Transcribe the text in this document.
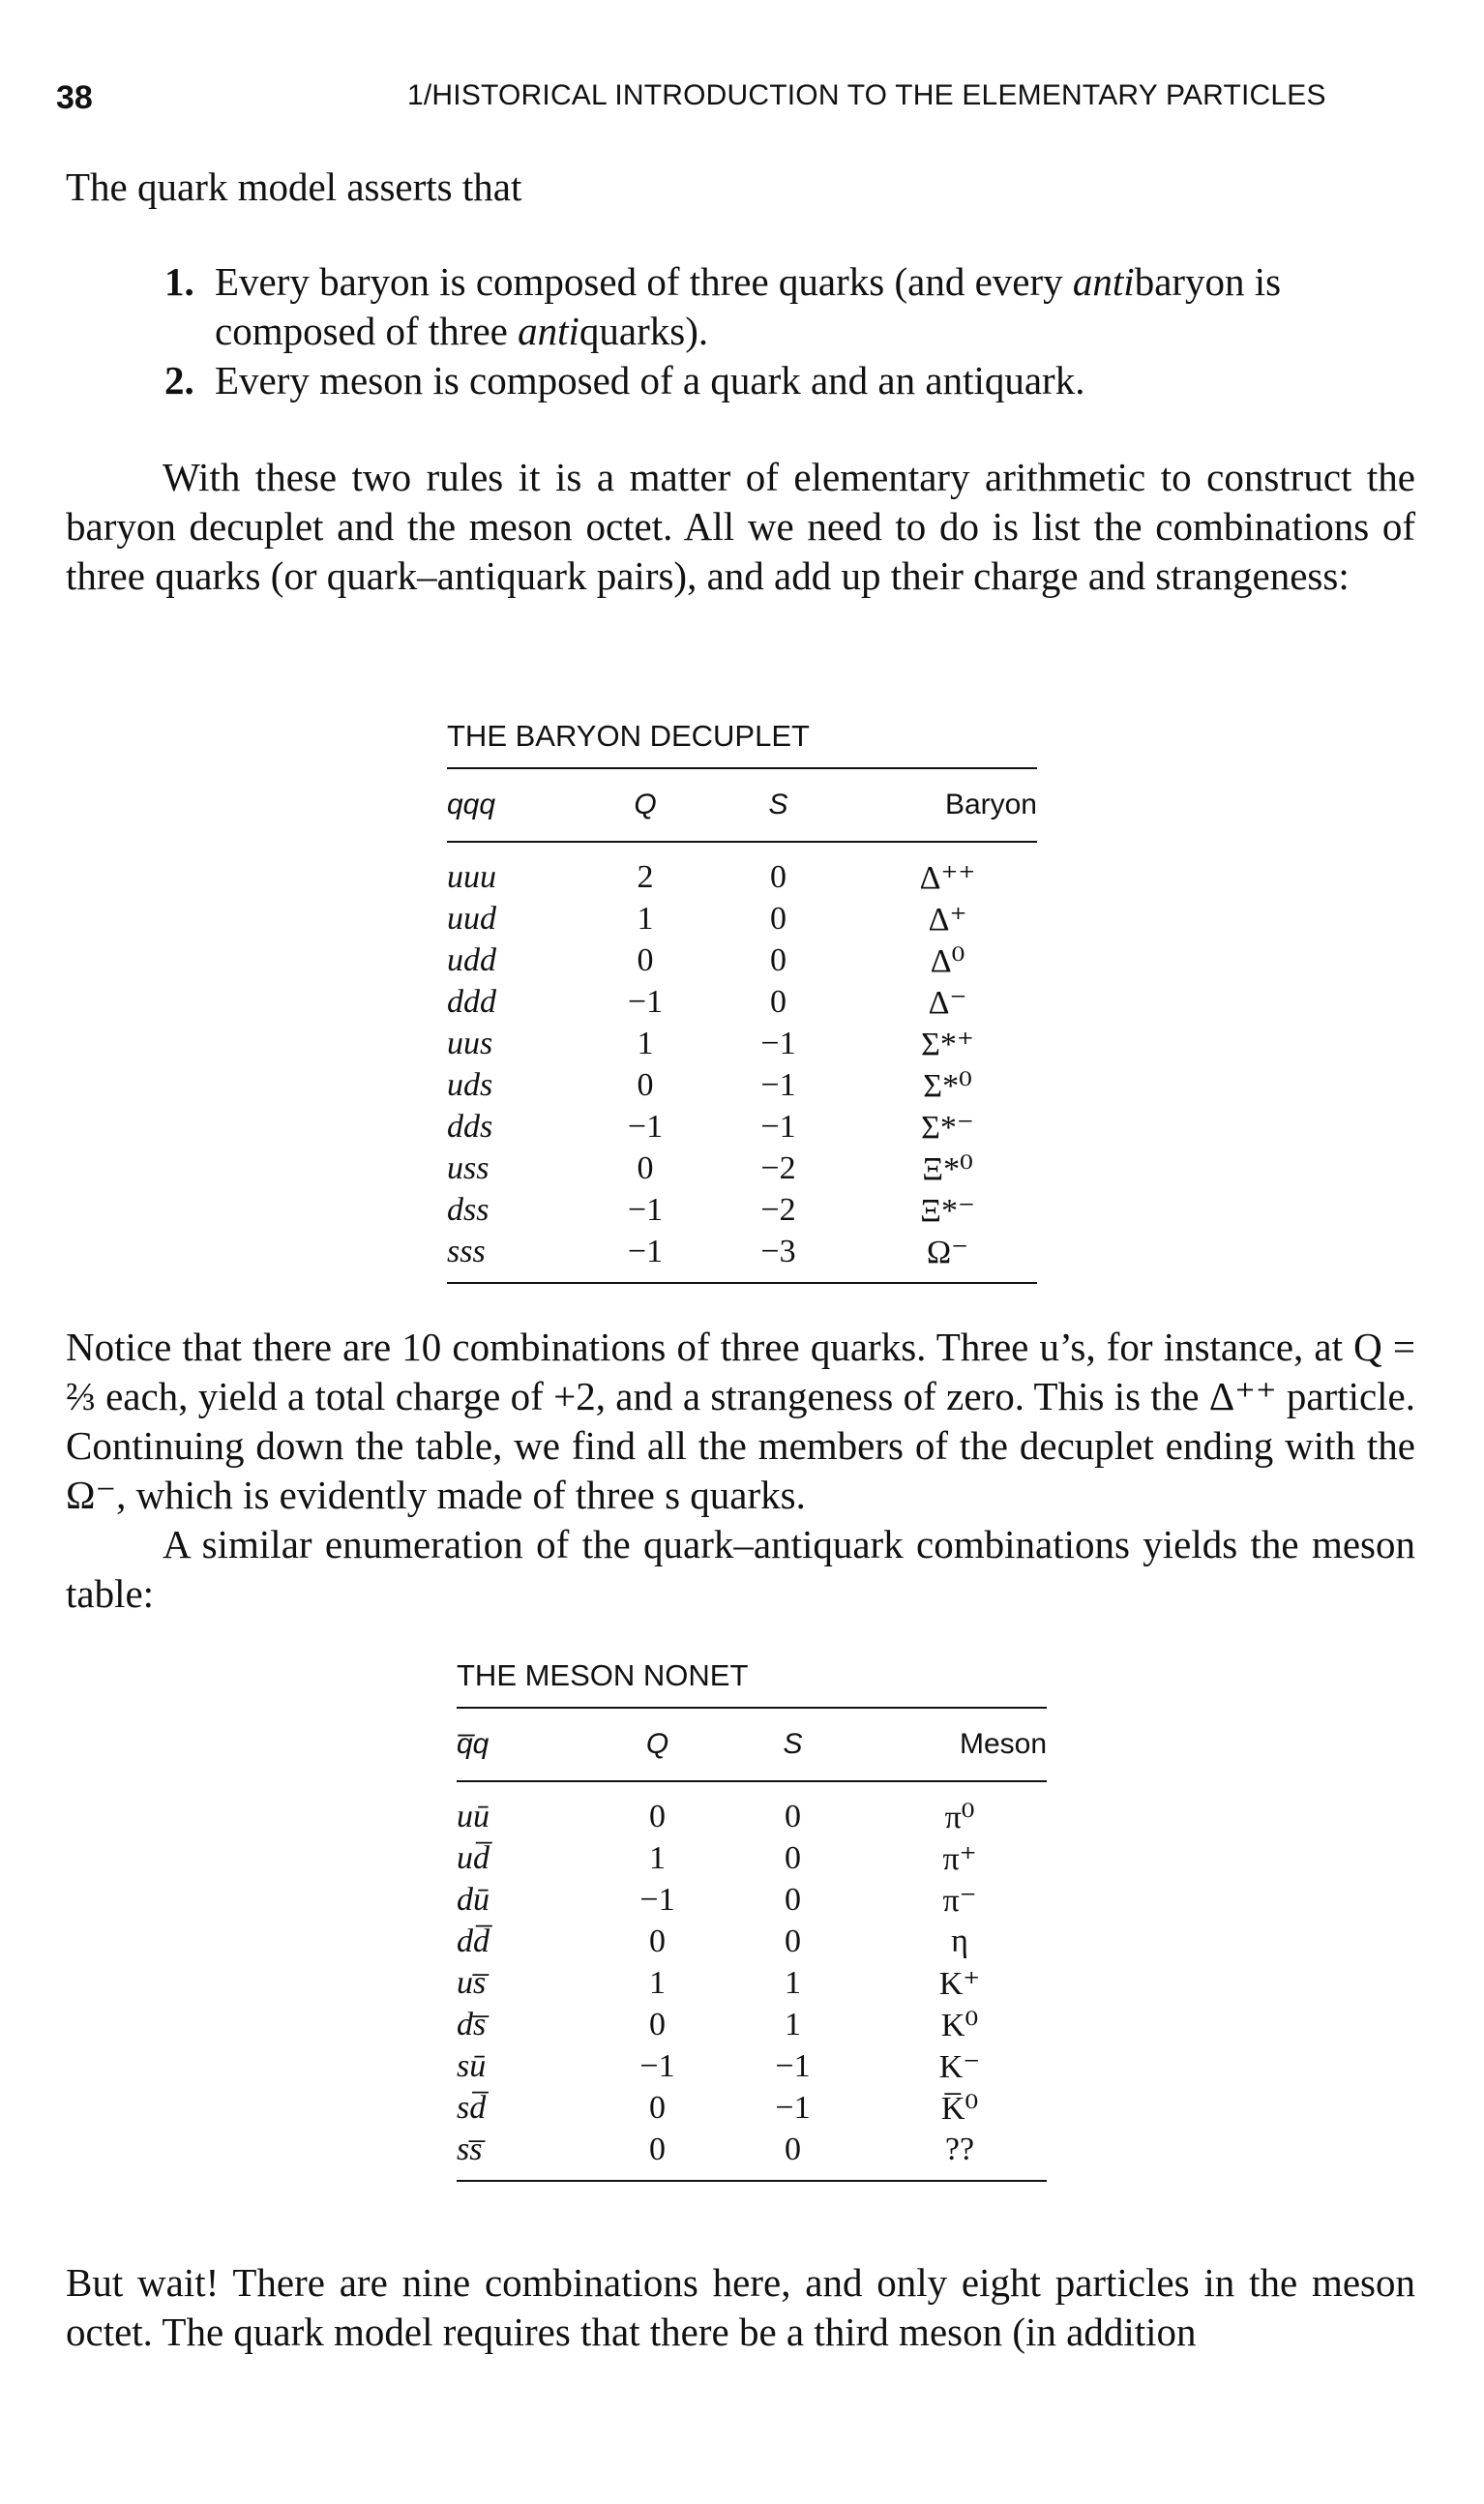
38	1/HISTORICAL INTRODUCTION TO THE ELEMENTARY PARTICLES

The quark model asserts that

1. Every baryon is composed of three quarks (and every antibaryon is composed of three antiquarks).
2. Every meson is composed of a quark and an antiquark.

With these two rules it is a matter of elementary arithmetic to construct the baryon decuplet and the meson octet. All we need to do is list the combinations of three quarks (or quark–antiquark pairs), and add up their charge and strangeness:

THE BARYON DECUPLET

qqq	Q	S	Baryon
uuu	2	0	Δ⁺⁺
uud	1	0	Δ⁺
udd	0	0	Δ⁰
ddd	−1	0	Δ⁻
uus	1	−1	Σ*⁺
uds	0	−1	Σ*⁰
dds	−1	−1	Σ*⁻
uss	0	−2	Ξ*⁰
dss	−1	−2	Ξ*⁻
sss	−1	−3	Ω⁻

Notice that there are 10 combinations of three quarks. Three u’s, for instance, at Q = ⅔ each, yield a total charge of +2, and a strangeness of zero. This is the Δ⁺⁺ particle. Continuing down the table, we find all the members of the decuplet ending with the Ω⁻, which is evidently made of three s quarks.

A similar enumeration of the quark–antiquark combinations yields the meson table:

THE MESON NONET

q̅q	Q	S	Meson
uū	0	0	π⁰
ud̅	1	0	π⁺
dū	−1	0	π⁻
dd̅	0	0	η
us̅	1	1	K⁺
ds̅	0	1	K⁰
sū	−1	−1	K⁻
sd̅	0	−1	K̅⁰
ss̅	0	0	??

But wait! There are nine combinations here, and only eight particles in the meson octet. The quark model requires that there be a third meson (in addition
